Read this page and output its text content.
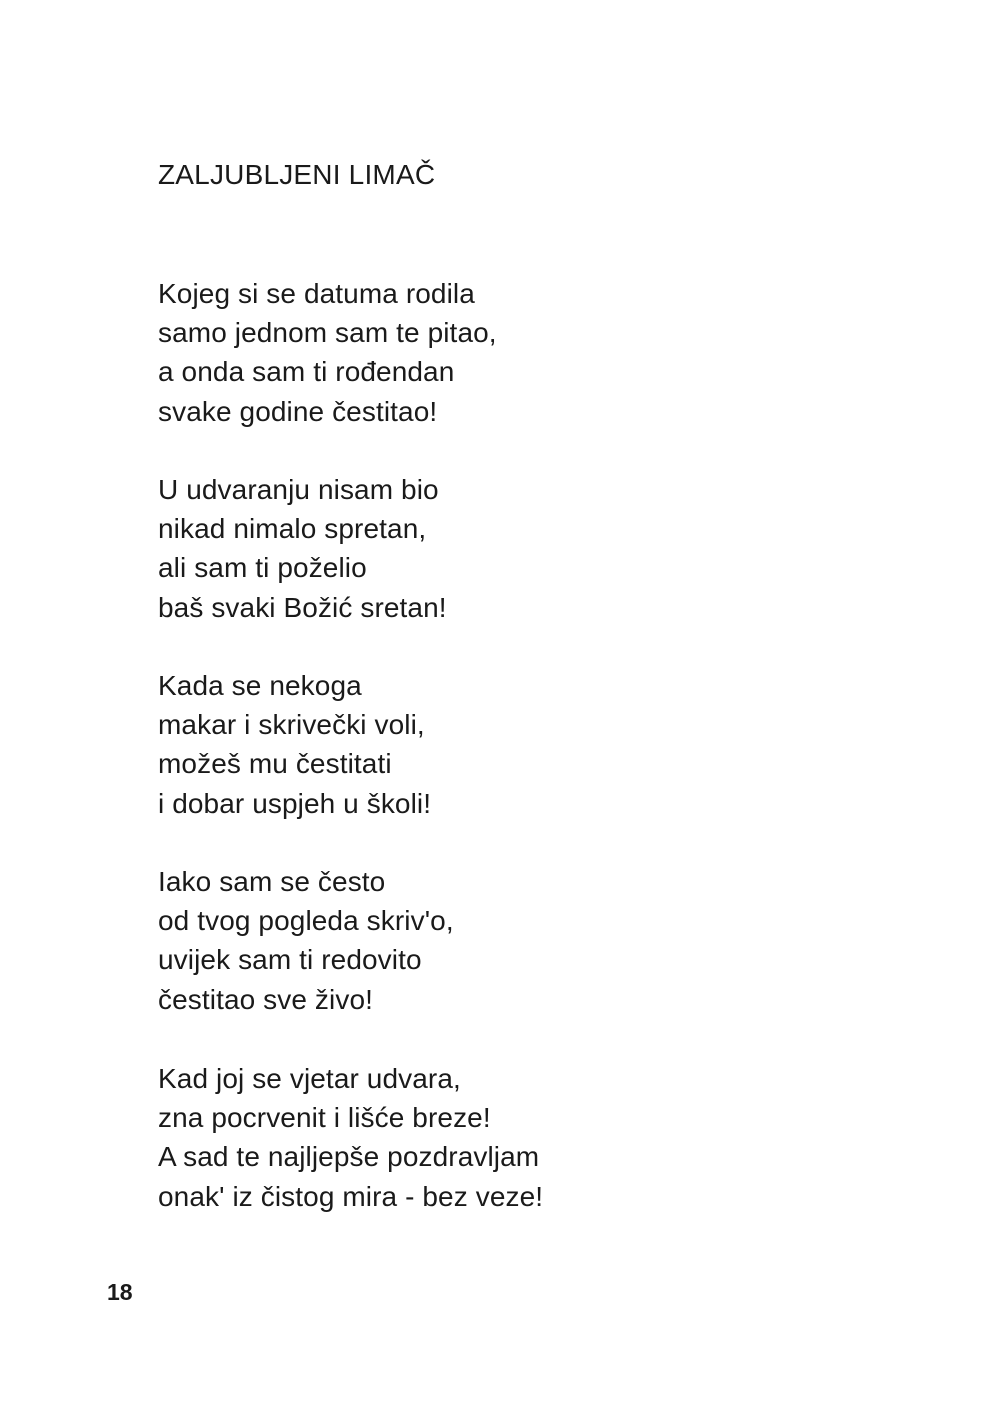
ZALJUBLJENI LIMAČ
Kojeg si se datuma rodila
samo jednom sam te pitao,
a onda sam ti rođendan
svake godine čestitao!
U udvaranju nisam bio
nikad nimalo spretan,
ali sam ti poželio
baš svaki Božić sretan!
Kada se nekoga
makar i skrivečki voli,
možeš mu čestitati
i dobar uspjeh u školi!
Iako sam se često
od tvog pogleda skriv'o,
uvijek sam ti redovito
čestitao sve živo!
Kad joj se vjetar udvara,
zna pocrvenit i lišće breze!
A sad te najljepše pozdravljam
onak' iz čistog mira - bez veze!
18
